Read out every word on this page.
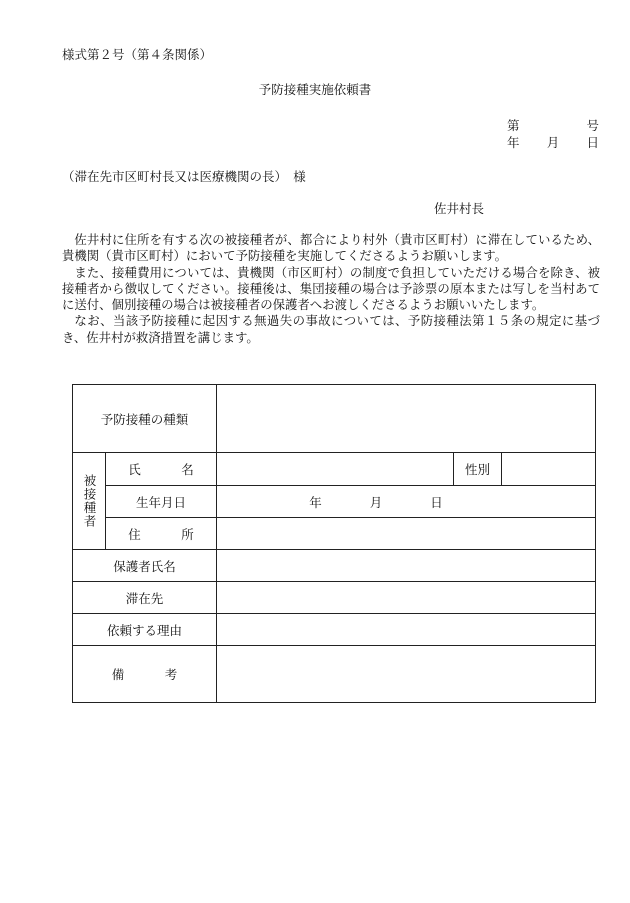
様式第２号（第４条関係）
予防接種実施依頼書
第	号
年 月 日
（滞在先市区町村長又は医療機関の長）　様
佐井村長

佐井村に住所を有する次の被接種者が、都合により村外（貴市区町村）に滞在しているため、貴機関（貴市区町村）において予防接種を実施してくださるようお願いします。

また、接種費用については、貴機関（市区町村）の制度で負担していただける場合を除き、被接種者から徴収してください。接種後は、集団接種の場合は予診票の原本または写しを当村あてに送付、個別接種の場合は被接種者の保護者へお渡しくださるようお願いいたします。

なお、当該予防接種に起因する無過失の事故については、予防接種法第１５条の規定に基づき、佐井村が救済措置を講じます。

予防接種の種類				

被接種者	氏　名		性別	
	生年月日	年 月 日		

	住　所			
保護者氏名				
滞在先				
依頼する理由				
備　考				
